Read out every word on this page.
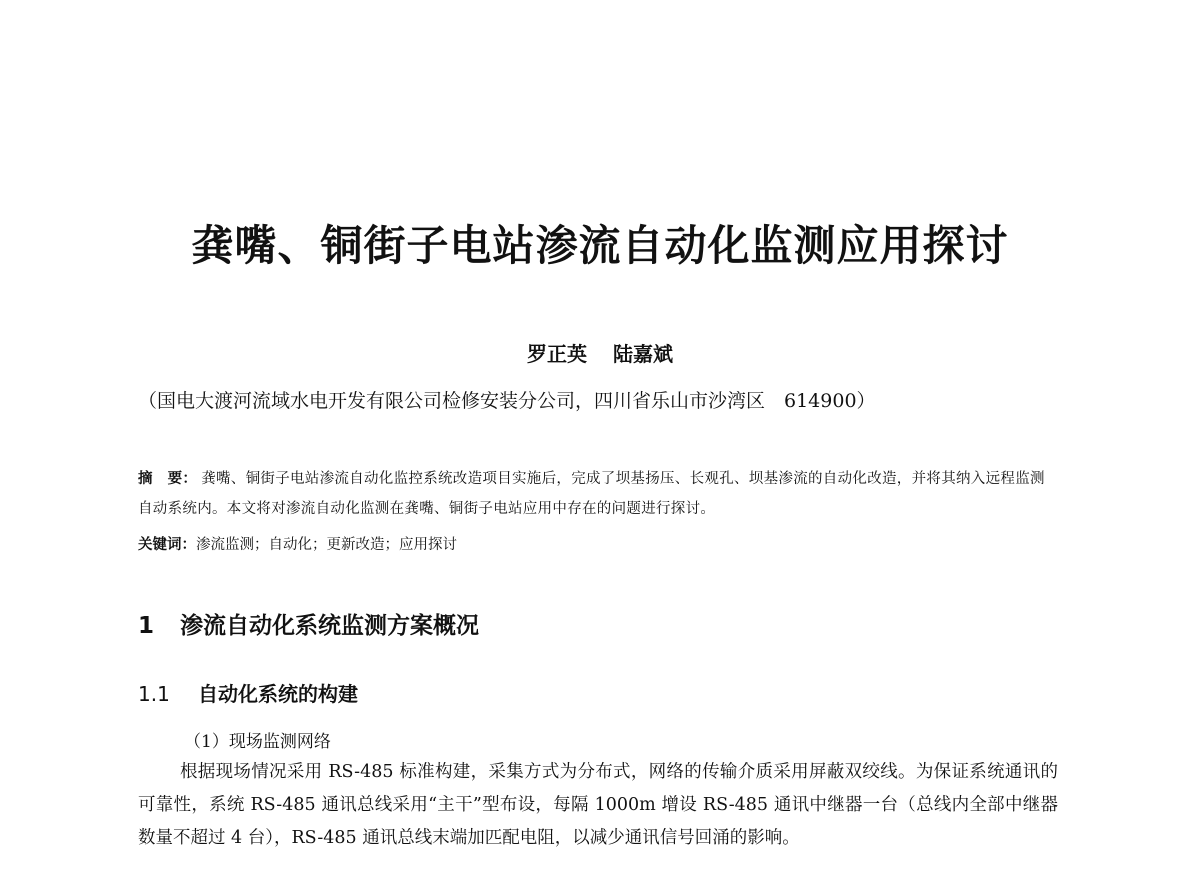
龚嘴、铜街子电站渗流自动化监测应用探讨
罗正英 陆嘉斌
（国电大渡河流域水电开发有限公司检修安装分公司，四川省乐山市沙湾区　614900）
摘　要： 龚嘴、铜街子电站渗流自动化监控系统改造项目实施后，完成了坝基扬压、长观孔、坝基渗流的自动化改造，并将其纳入远程监测自动系统内。本文将对渗流自动化监测在龚嘴、铜街子电站应用中存在的问题进行探讨。
关键词：渗流监测；自动化；更新改造；应用探讨
1 渗流自动化系统监测方案概况
1.1 自动化系统的构建
（1）现场监测网络

根据现场情况采用 RS-485 标准构建，采集方式为分布式，网络的传输介质采用屏蔽双绞线。为保证系统通讯的可靠性，系统 RS-485 通讯总线采用“主干”型布设，每隔 1000m 增设 RS-485 通讯中继器一台（总线内全部中继器数量不超过 4 台），RS-485 通讯总线末端加匹配电阻，以减少通讯信号回涌的影响。
